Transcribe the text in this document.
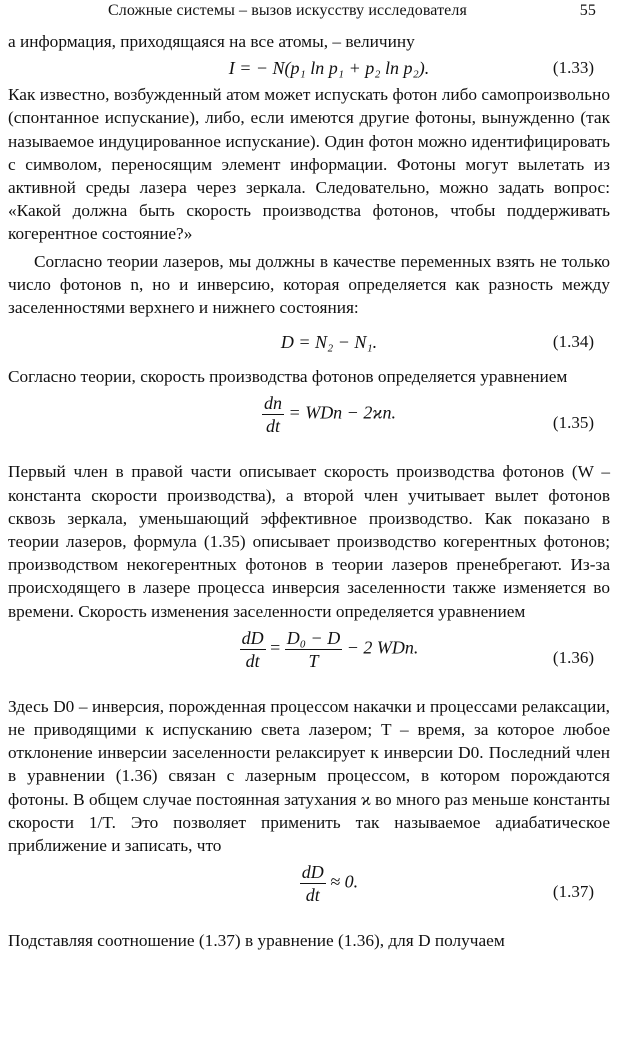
Сложные системы – вызов искусству исследователя	55

а информация, приходящаяся на все атомы, – величину

I = − N(p₁ ln p₁ + p₂ ln p₂).	(1.33)

Как известно, возбужденный атом может испускать фотон либо самопроизвольно (спонтанное испускание), либо, если имеются другие фотоны, вынужденно (так называемое индуцированное испускание). Один фотон можно идентифицировать с символом, переносящим элемент информации. Фотоны могут вылетать из активной среды лазера через зеркала. Следовательно, можно задать вопрос: «Какой должна быть скорость производства фотонов, чтобы поддерживать когерентное состояние?»

Согласно теории лазеров, мы должны в качестве переменных взять не только число фотонов n, но и инверсию, которая определяется как разность между заселенностями верхнего и нижнего состояния:

D = N₂ − N₁.	(1.34)

Согласно теории, скорость производства фотонов определяется уравнением

$\frac{dn}{dt}$ = WDn − 2ϰn.	(1.35)

Первый член в правой части описывает скорость производства фотонов (W – константа скорости производства), а второй член учитывает вылет фотонов сквозь зеркала, уменьшающий эффективное производство. Как показано в теории лазеров, формула (1.35) описывает производство когерентных фотонов; производством некогерентных фотонов в теории лазеров пренебрегают. Из-за происходящего в лазере процесса инверсия заселенности также изменяется во времени. Скорость изменения заселенности определяется уравнением

$\frac{dD}{dt} = \frac{\text{D₀ − D}}{T} - 2$ WDn.	(1.36)

Здесь D0 – инверсия, порожденная процессом накачки и процессами релаксации, не приводящими к испусканию света лазером; T – время, за которое любое отклонение инверсии заселенности релаксирует к инверсии D0. Последний член в уравнении (1.36) связан с лазерным процессом, в котором порождаются фотоны. В общем случае постоянная затухания ϰ во много раз меньше константы скорости 1/T. Это позволяет применить так называемое адиабатическое приближение и записать, что

$\frac{dD}{dt} \approx 0$.	(1.37)

Подставляя соотношение (1.37) в уравнение (1.36), для D получаем
